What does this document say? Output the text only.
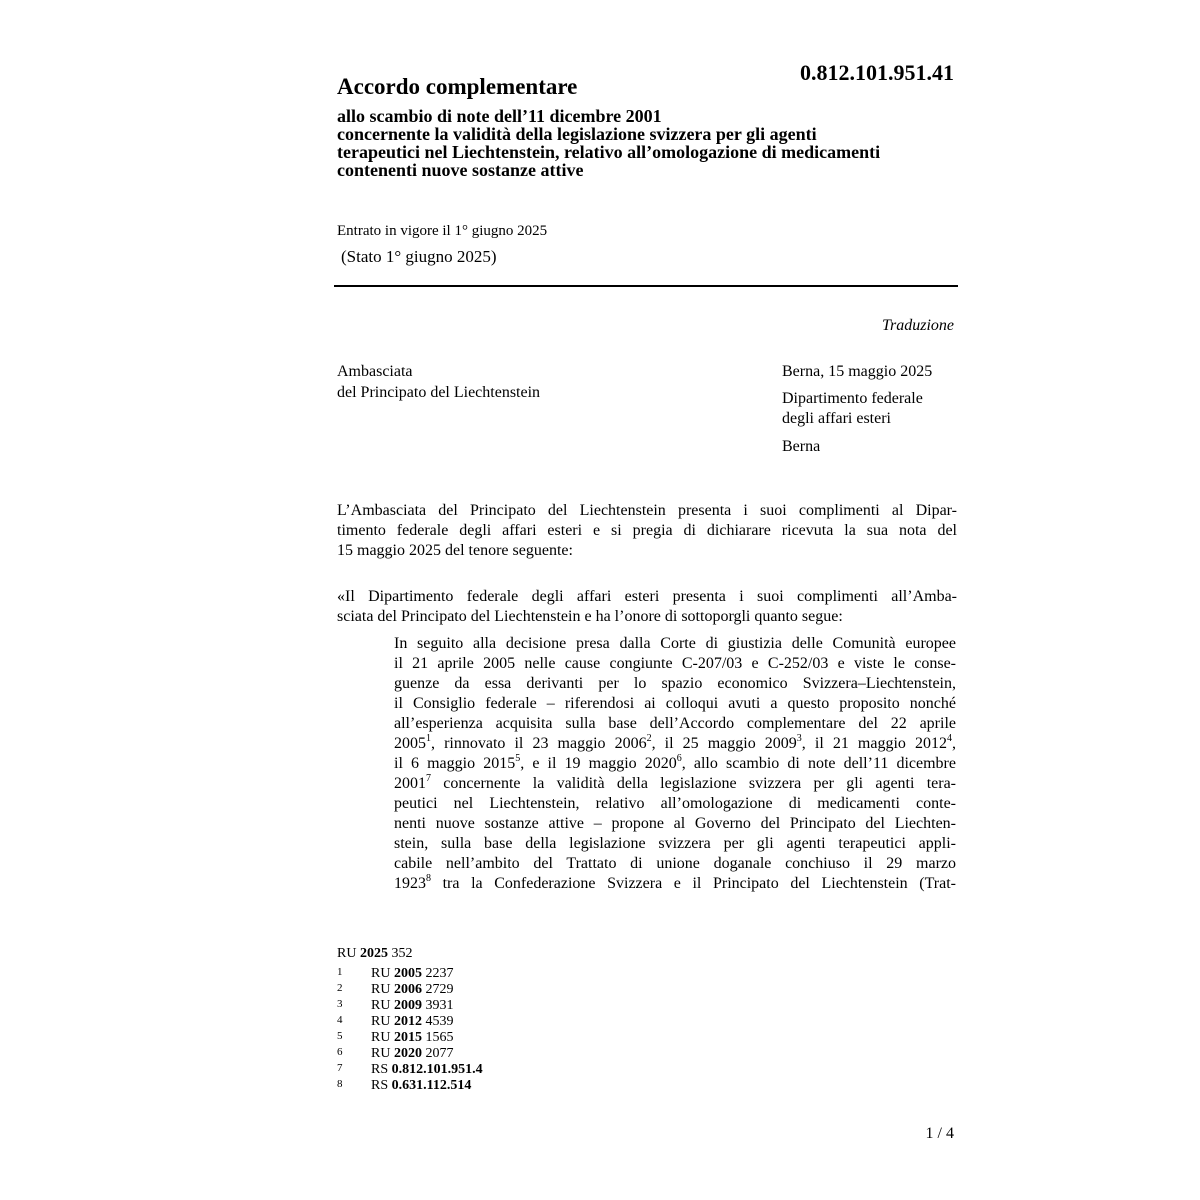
0.812.101.951.41
Accordo complementare
allo scambio di note dell’11 dicembre 2001
concernente la validità della legislazione svizzera per gli agenti
terapeutici nel Liechtenstein, relativo all’omologazione di medicamenti
contenenti nuove sostanze attive
Entrato in vigore il 1° giugno 2025
(Stato 1° giugno 2025)
Traduzione
Ambasciata
del Principato del Liechtenstein
Berna, 15 maggio 2025
Dipartimento federale
degli affari esteri
Berna
L’Ambasciata del Principato del Liechtenstein presenta i suoi complimenti al Dipar-
timento federale degli affari esteri e si pregia di dichiarare ricevuta la sua nota del
15 maggio 2025 del tenore seguente:
«Il Dipartimento federale degli affari esteri presenta i suoi complimenti all’Amba-
sciata del Principato del Liechtenstein e ha l’onore di sottoporgli quanto segue:
In seguito alla decisione presa dalla Corte di giustizia delle Comunità europee
il 21 aprile 2005 nelle cause congiunte C-207/03 e C-252/03 e viste le conse-
guenze da essa derivanti per lo spazio economico Svizzera–Liechtenstein,
il Consiglio federale – riferendosi ai colloqui avuti a questo proposito nonché
all’esperienza acquisita sulla base dell’Accordo complementare del 22 aprile
2005$^1$, rinnovato il 23 maggio 2006$^2$, il 25 maggio 2009$^3$, il 21 maggio 2012$^4$,
il 6 maggio 2015$^5$, e il 19 maggio 2020$^6$, allo scambio di note dell’11 dicembre
2001$^7$ concernente la validità della legislazione svizzera per gli agenti tera-
peutici nel Liechtenstein, relativo all’omologazione di medicamenti conte-
nenti nuove sostanze attive – propone al Governo del Principato del Liechten-
stein, sulla base della legislazione svizzera per gli agenti terapeutici appli-
cabile nell’ambito del Trattato di unione doganale conchiuso il 29 marzo
1923$^8$ tra la Confederazione Svizzera e il Principato del Liechtenstein (Trat-
RU 2025 352
1	RU 2005 2237
2	RU 2006 2729
3	RU 2009 3931
4	RU 2012 4539
5	RU 2015 1565
6	RU 2020 2077
7	RS 0.812.101.951.4
8	RS 0.631.112.514
1 / 4
